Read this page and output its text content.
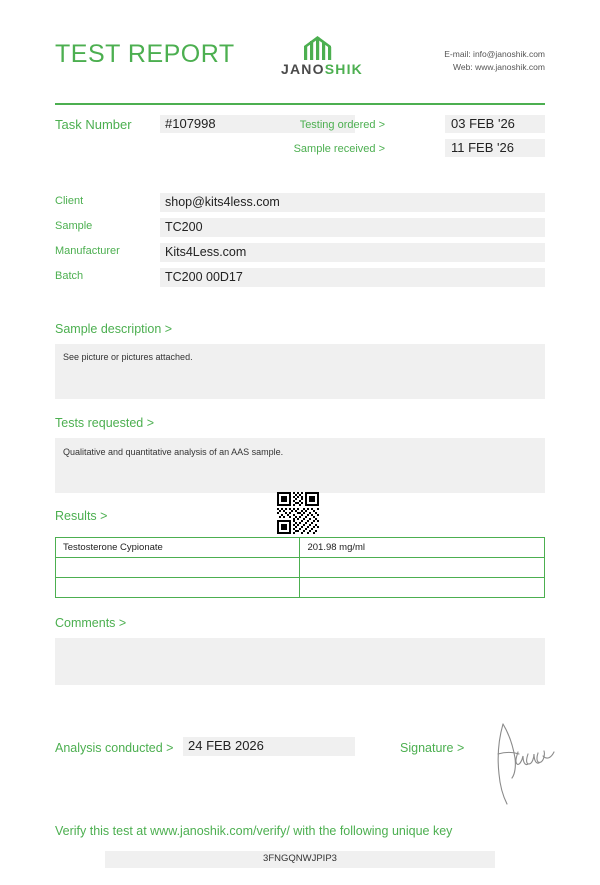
TEST REPORT
JANOSHIK
E-mail: info@janoshik.com
Web: www.janoshik.com
Task Number	#107998	Testing ordered >	03 FEB '26
Sample received >	11 FEB '26
Client	shop@kits4less.com
Sample	TC200
Manufacturer	Kits4Less.com
Batch	TC200 00D17
Sample description >
See picture or pictures attached.
Tests requested >
Qualitative and quantitative analysis of an AAS sample.
Results >
Testosterone Cypionate	201.98 mg/ml

Comments >
Analysis conducted > 24 FEB 2026	Signature >
Verify this test at www.janoshik.com/verify/ with the following unique key
3FNGQNWJPIP3
